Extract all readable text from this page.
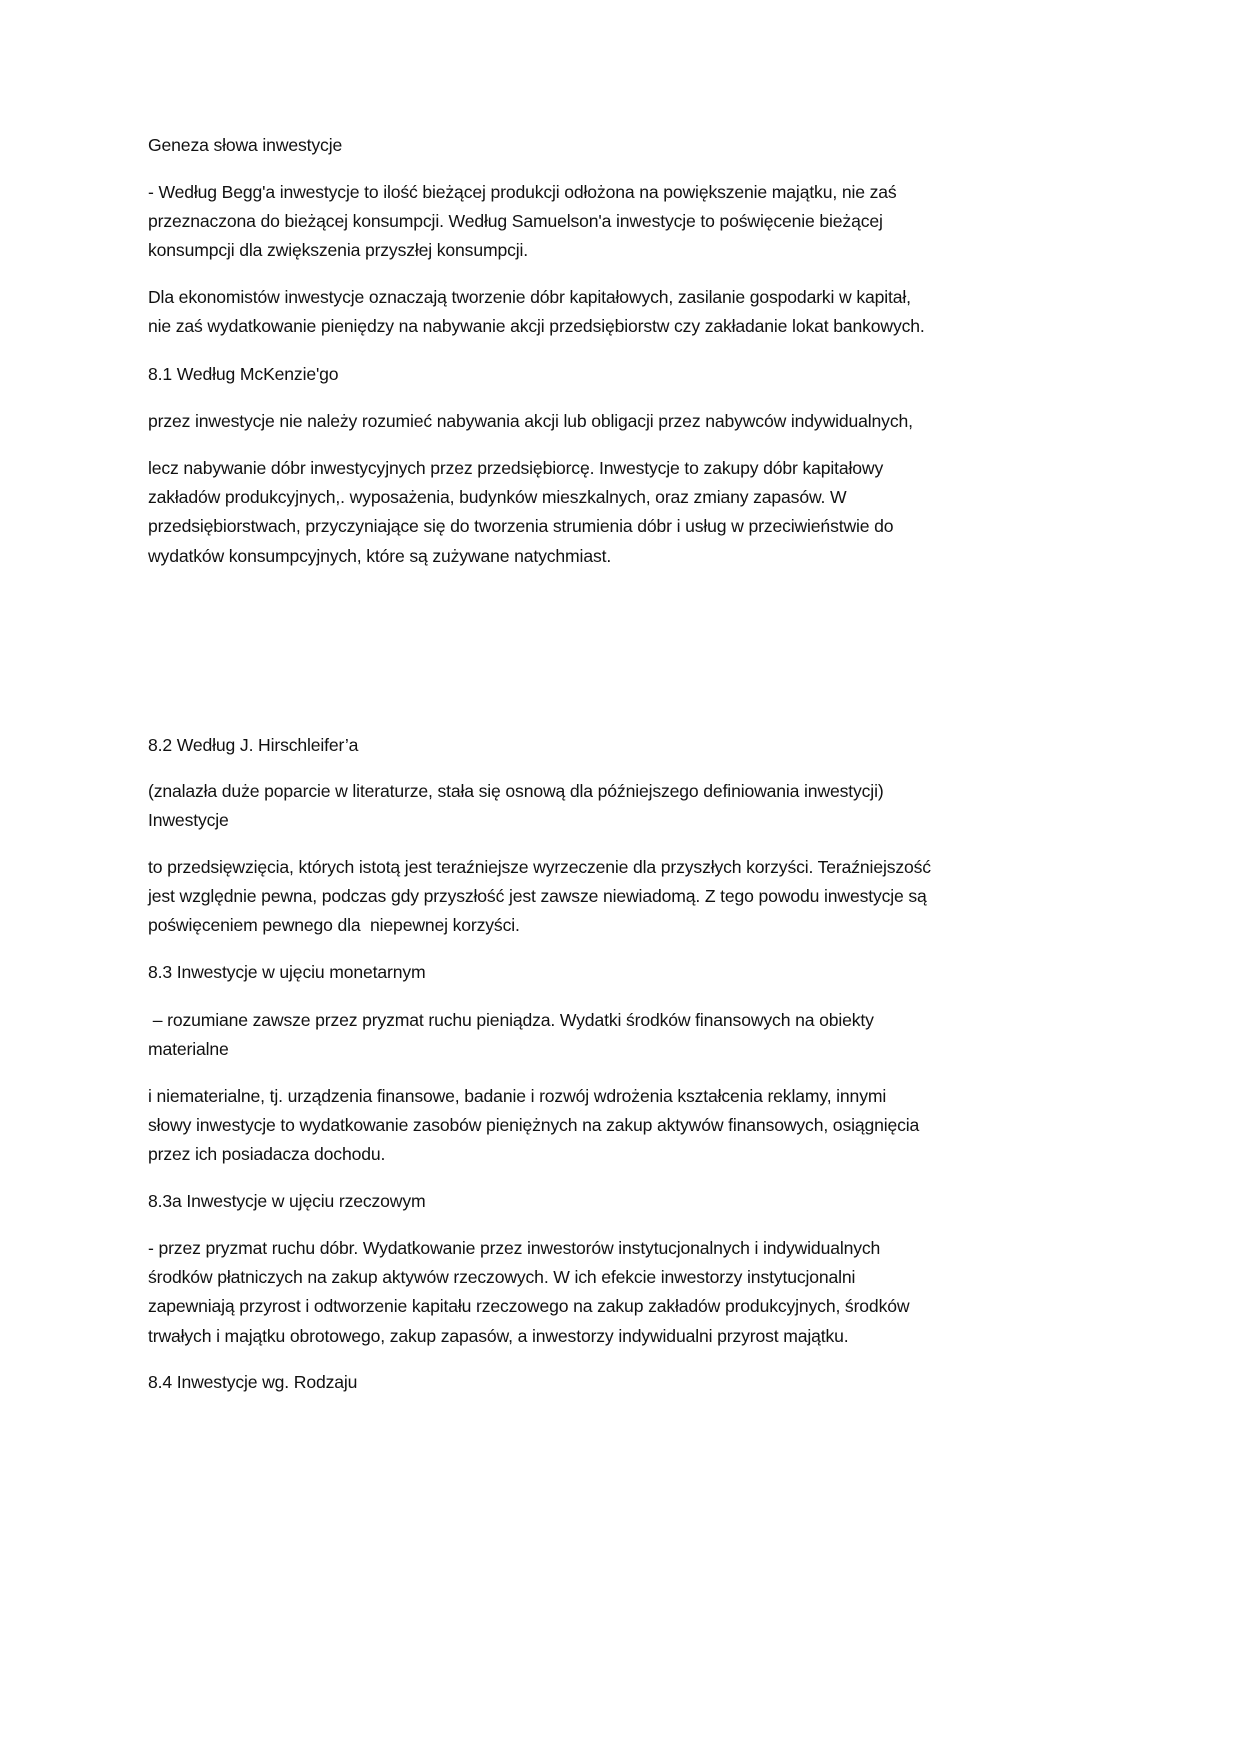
Geneza słowa inwestycje
- Według Begg'a inwestycje to ilość bieżącej produkcji odłożona na powiększenie majątku, nie zaś
przeznaczona do bieżącej konsumpcji. Według Samuelson'a inwestycje to poświęcenie bieżącej
konsumpcji dla zwiększenia przyszłej konsumpcji.
Dla ekonomistów inwestycje oznaczają tworzenie dóbr kapitałowych, zasilanie gospodarki w kapitał,
nie zaś wydatkowanie pieniędzy na nabywanie akcji przedsiębiorstw czy zakładanie lokat bankowych.
8.1 Według McKenzie'go
przez inwestycje nie należy rozumieć nabywania akcji lub obligacji przez nabywców indywidualnych,
lecz nabywanie dóbr inwestycyjnych przez przedsiębiorcę. Inwestycje to zakupy dóbr kapitałowy
zakładów produkcyjnych,. wyposażenia, budynków mieszkalnych, oraz zmiany zapasów. W
przedsiębiorstwach, przyczyniające się do tworzenia strumienia dóbr i usług w przeciwieństwie do
wydatków konsumpcyjnych, które są zużywane natychmiast.
8.2 Według J. Hirschleifer’a
(znalazła duże poparcie w literaturze, stała się osnową dla późniejszego definiowania inwestycji)
Inwestycje
to przedsięwzięcia, których istotą jest teraźniejsze wyrzeczenie dla przyszłych korzyści. Teraźniejszość
jest względnie pewna, podczas gdy przyszłość jest zawsze niewiadomą. Z tego powodu inwestycje są
poświęceniem pewnego dla  niepewnej korzyści.
8.3 Inwestycje w ujęciu monetarnym
– rozumiane zawsze przez pryzmat ruchu pieniądza. Wydatki środków finansowych na obiekty
materialne
i niematerialne, tj. urządzenia finansowe, badanie i rozwój wdrożenia kształcenia reklamy, innymi
słowy inwestycje to wydatkowanie zasobów pieniężnych na zakup aktywów finansowych, osiągnięcia
przez ich posiadacza dochodu.
8.3a Inwestycje w ujęciu rzeczowym
- przez pryzmat ruchu dóbr. Wydatkowanie przez inwestorów instytucjonalnych i indywidualnych
środków płatniczych na zakup aktywów rzeczowych. W ich efekcie inwestorzy instytucjonalni
zapewniają przyrost i odtworzenie kapitału rzeczowego na zakup zakładów produkcyjnych, środków
trwałych i majątku obrotowego, zakup zapasów, a inwestorzy indywidualni przyrost majątku.
8.4 Inwestycje wg. Rodzaju
